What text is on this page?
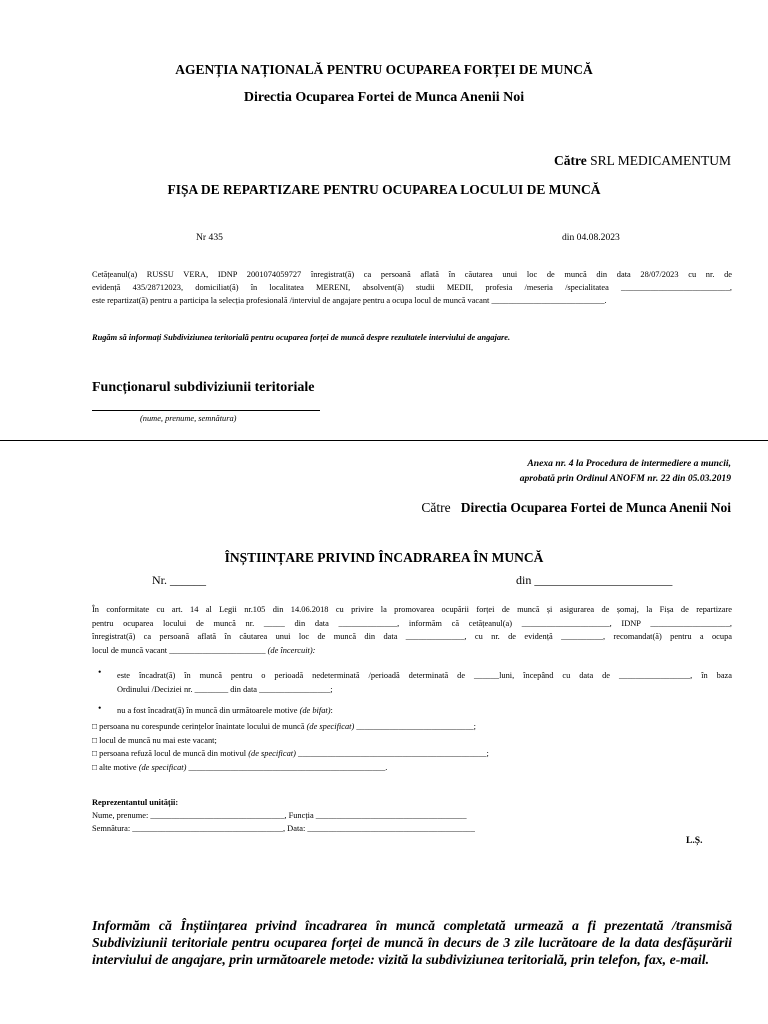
AGENȚIA NAȚIONALĂ PENTRU OCUPAREA FORȚEI DE MUNCĂ
Directia Ocuparea Fortei de Munca Anenii Noi
Către SRL MEDICAMENTUM
FIȘA DE REPARTIZARE PENTRU OCUPAREA LOCULUI DE MUNCĂ
Nr 435	din 04.08.2023
Cetățeanul(a) RUSSU VERA, IDNP 2001074059727 înregistrat(ă) ca persoană aflată în căutarea unui loc de muncă din data 28/07/2023 cu nr. de
evidență 435/28712023, domiciliat(ă) în localitatea MERENI, absolvent(ă) studii MEDII, profesia /meseria /specialitatea __________________________,
este repartizat(ă) pentru a participa la selecția profesională /interviul de angajare pentru a ocupa locul de muncă vacant ___________________________.
Rugăm să informați Subdiviziunea teritorială pentru ocuparea forței de muncă despre rezultatele interviului de angajare.
Funcționarul subdiviziunii teritoriale
(nume, prenume, semnătura)
Anexa nr. 4 la Procedura de intermediere a muncii,
aprobată prin Ordinul ANOFM nr. 22 din 05.03.2019
Către Directia Ocuparea Fortei de Munca Anenii Noi
ÎNȘTIINȚARE PRIVIND ÎNCADRAREA ÎN MUNCĂ
Nr. ______	din _______________________
În conformitate cu art. 14 al Legii nr.105 din 14.06.2018 cu privire la promovarea ocupării forței de muncă și asigurarea de șomaj, la Fișa de repartizare
pentru ocuparea locului de muncă nr. _____ din data ______________, informăm că cetățeanul(a) _____________________, IDNP ___________________,
înregistrat(ă) ca persoană aflată în căutarea unui loc de muncă din data ______________, cu nr. de evidență __________, recomandat(ă) pentru a ocupa
locul de muncă vacant _______________________ (de încercuit):
• este încadrat(ă) în muncă pentru o perioadă nedeterminată /perioadă determinată de ______luni, începând cu data de _________________, în baza
Ordinului /Deciziei nr. ________ din data _________________;
• nu a fost încadrat(ă) în muncă din următoarele motive (de bifat):
□ persoana nu corespunde cerințelor înaintate locului de muncă (de specificat) ____________________________;
□ locul de muncă nu mai este vacant;
□ persoana refuză locul de muncă din motivul (de specificat) _____________________________________________;
□ alte motive (de specificat) _______________________________________________.
Reprezentantul unității:
Nume, prenume: ________________________________, Funcția ____________________________________
Semnătura: ____________________________________, Data: ________________________________________
L.Ș.
Informăm că Înștiințarea privind încadrarea în muncă completată urmează a fi prezentată /transmisă Subdiviziunii teritoriale pentru ocuparea forței de muncă în decurs de 3 zile lucrătoare de la data desfășurării interviului de angajare, prin următoarele metode: vizită la subdiviziunea teritorială, prin telefon, fax, e-mail.
